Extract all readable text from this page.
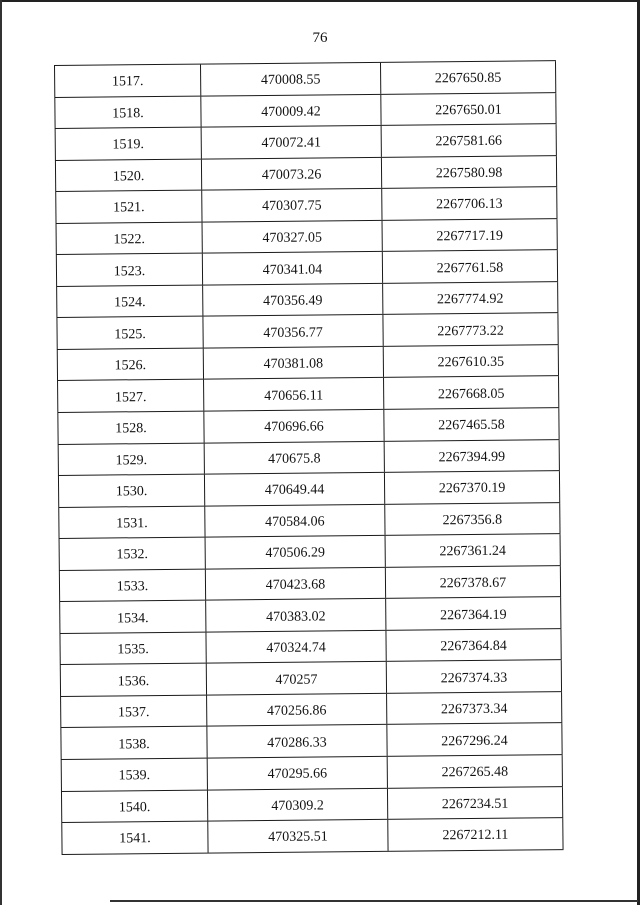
76
1517.	470008.55	2267650.85
1518.	470009.42	2267650.01
1519.	470072.41	2267581.66
1520.	470073.26	2267580.98
1521.	470307.75	2267706.13
1522.	470327.05	2267717.19
1523.	470341.04	2267761.58
1524.	470356.49	2267774.92
1525.	470356.77	2267773.22
1526.	470381.08	2267610.35
1527.	470656.11	2267668.05
1528.	470696.66	2267465.58
1529.	470675.8	2267394.99
1530.	470649.44	2267370.19
1531.	470584.06	2267356.8
1532.	470506.29	2267361.24
1533.	470423.68	2267378.67
1534.	470383.02	2267364.19
1535.	470324.74	2267364.84
1536.	470257	2267374.33
1537.	470256.86	2267373.34
1538.	470286.33	2267296.24
1539.	470295.66	2267265.48
1540.	470309.2	2267234.51
1541.	470325.51	2267212.11
